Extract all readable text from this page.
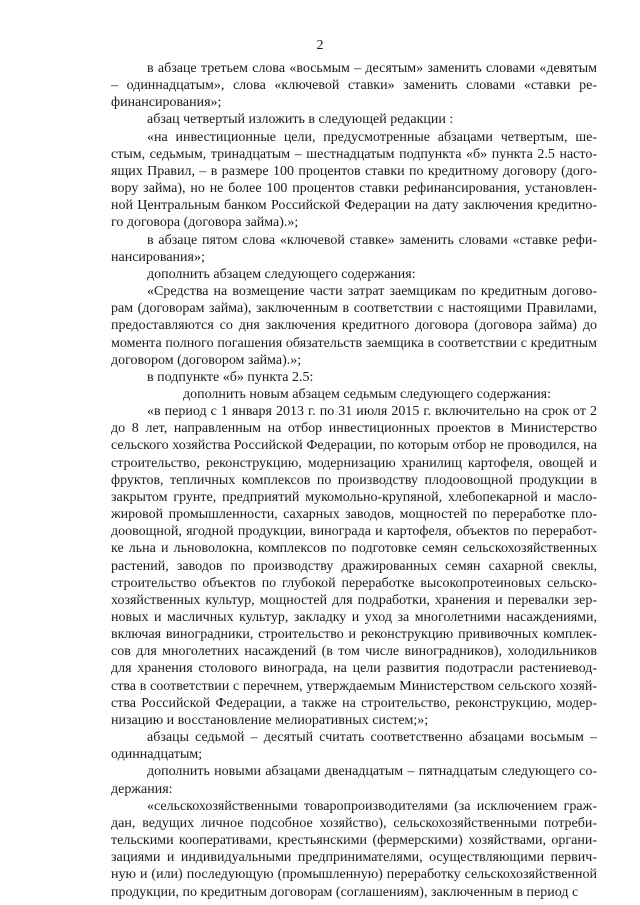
2

в абзаце третьем слова «восьмым – десятым» заменить словами «девятым – одиннадцатым», слова «ключевой ставки» заменить словами «ставки рефинансирования»;

абзац четвертый изложить в следующей редакции :

«на инвестиционные цели, предусмотренные абзацами четвертым, шестым, седьмым, тринадцатым – шестнадцатым подпункта «б» пункта 2.5 настоящих Правил, – в размере 100 процентов ставки по кредитному договору (договору займа), но не более 100 процентов ставки рефинансирования, установленной Центральным банком Российской Федерации на дату заключения кредитного договора (договора займа).»;

в абзаце пятом слова «ключевой ставке» заменить словами «ставке рефинансирования»;

дополнить абзацем следующего содержания:

«Средства на возмещение части затрат заемщикам по кредитным договорам (договорам займа), заключенным в соответствии с настоящими Правилами, предоставляются со дня заключения кредитного договора (договора займа) до момента полного погашения обязательств заемщика в соответствии с кредитным договором (договором займа).»;

в подпункте «б» пункта 2.5:

дополнить новым абзацем седьмым следующего содержания:

«в период с 1 января 2013 г. по 31 июля 2015 г. включительно на срок от 2 до 8 лет, направленным на отбор инвестиционных проектов в Министерство сельского хозяйства Российской Федерации, по которым отбор не проводился, на строительство, реконструкцию, модернизацию хранилищ картофеля, овощей и фруктов, тепличных комплексов по производству плодоовощной продукции в закрытом грунте, предприятий мукомольно-крупяной, хлебопекарной и масложировой промышленности, сахарных заводов, мощностей по переработке плодоовощной, ягодной продукции, винограда и картофеля, объектов по переработке льна и льноволокна, комплексов по подготовке семян сельскохозяйственных растений, заводов по производству дражированных семян сахарной свеклы, строительство объектов по глубокой переработке высокопротеиновых сельскохозяйственных культур, мощностей для подработки, хранения и перевалки зерновых и масличных культур, закладку и уход за многолетними насаждениями, включая виноградники, строительство и реконструкцию прививочных комплексов для многолетних насаждений (в том числе виноградников), холодильников для хранения столового винограда, на цели развития подотрасли растениеводства в соответствии с перечнем, утверждаемым Министерством сельского хозяйства Российской Федерации, а также на строительство, реконструкцию, модернизацию и восстановление мелиоративных систем;»;

абзацы седьмой – десятый считать соответственно абзацами восьмым – одиннадцатым;

дополнить новыми абзацами двенадцатым – пятнадцатым следующего содержания:

«сельскохозяйственными товаропроизводителями (за исключением граждан, ведущих личное подсобное хозяйство), сельскохозяйственными потребительскими кооперативами, крестьянскими (фермерскими) хозяйствами, организациями и индивидуальными предпринимателями, осуществляющими первичную и (или) последующую (промышленную) переработку сельскохозяйственной продукции, по кредитным договорам (соглашениям), заключенным в период с
